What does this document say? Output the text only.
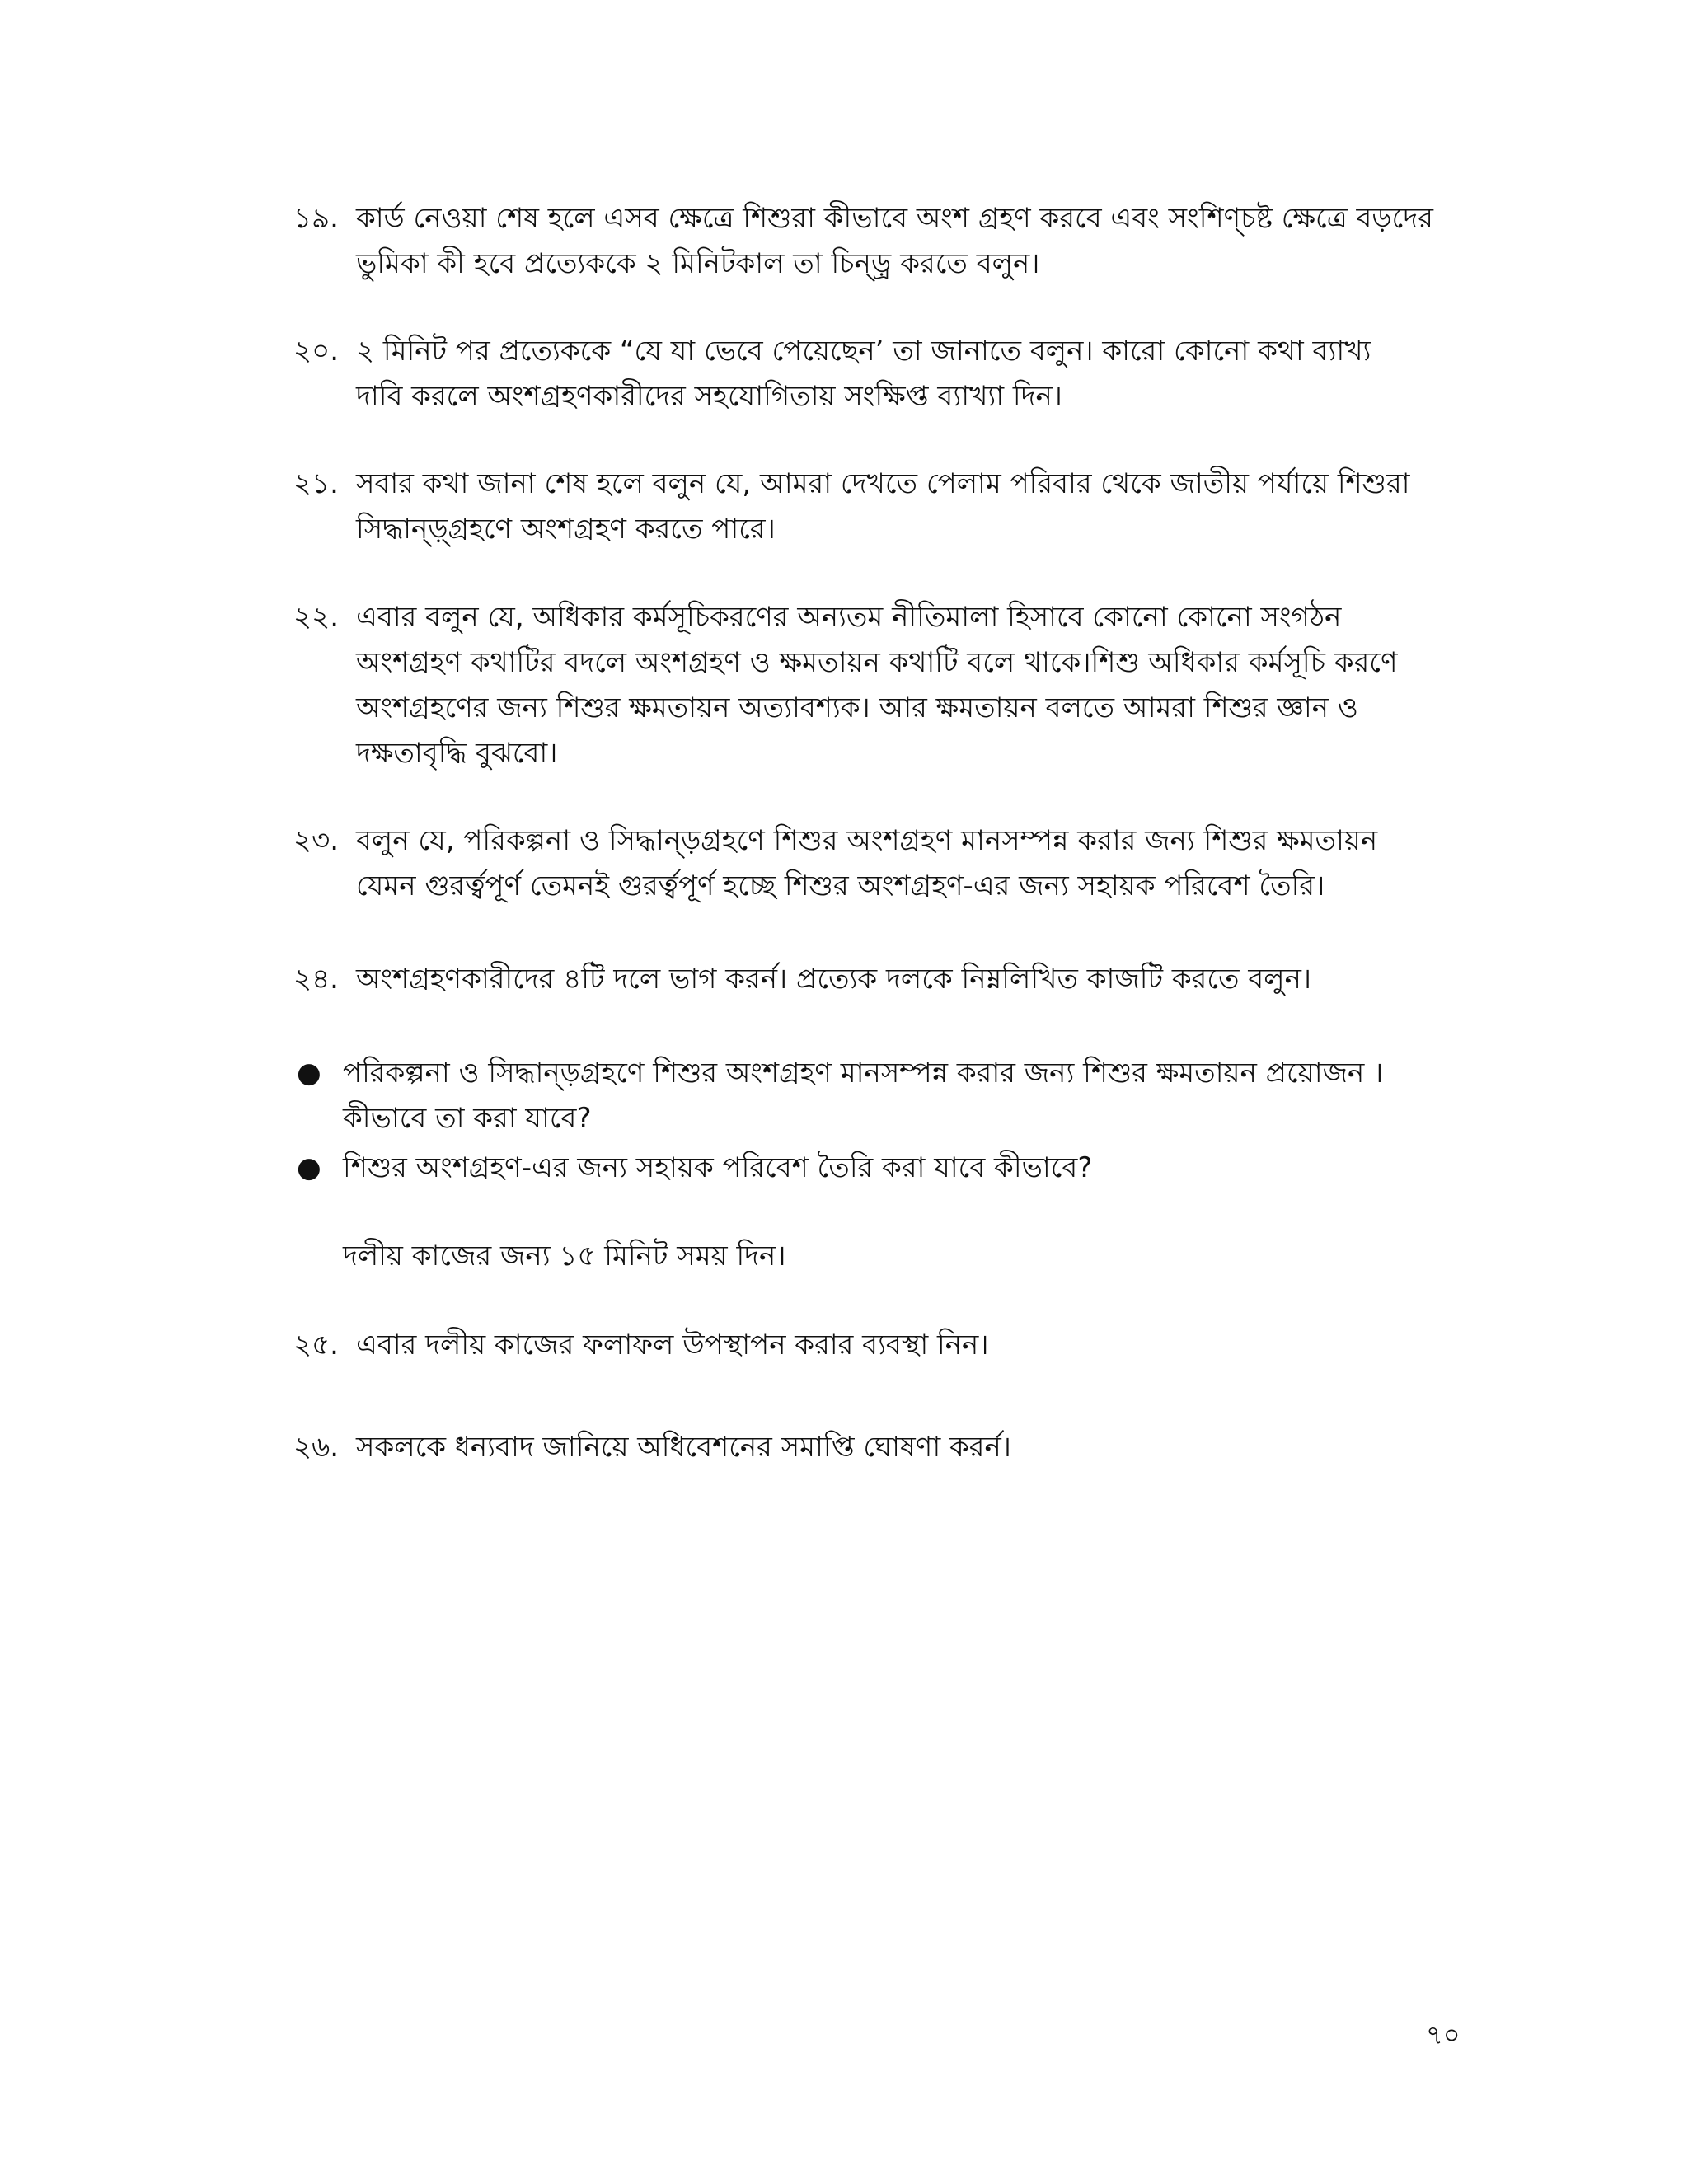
১৯. কার্ড নেওয়া শেষ হলে এসব ক্ষেত্রে শিশুরা কীভাবে অংশ গ্রহণ করবে এবং সংশিণ্চষ্ট ক্ষেত্রে বড়দের
ভুমিকা কী হবে প্রত্যেককে ২ মিনিটকাল তা চিন্ড়্র করতে বলুন।
২০. ২ মিনিট পর প্রত্যেককে “যে যা ভেবে পেয়েছেন’ তা জানাতে বলুন। কারো কোনো কথা ব্যাখ্য
দাবি করলে অংশগ্রহণকারীদের সহযোগিতায় সংক্ষিপ্ত ব্যাখ্যা দিন।
২১. সবার কথা জানা শেষ হলে বলুন যে, আমরা দেখতে পেলাম পরিবার থেকে জাতীয় পর্যায়ে শিশুরা
সিদ্ধান্ড়্গ্রহণে অংশগ্রহণ করতে পারে।
২২. এবার বলুন যে, অধিকার কর্মসূচিকরণের অন্যতম নীতিমালা হিসাবে কোনো কোনো সংগঠন
অংশগ্রহণ কথাটির বদলে অংশগ্রহণ ও ক্ষমতায়ন কথাটি বলে থাকে।শিশু অধিকার কর্মসূচি করণে
অংশগ্রহণের জন্য শিশুর ক্ষমতায়ন অত্যাবশ্যক। আর ক্ষমতায়ন বলতে আমরা শিশুর জ্ঞান ও
দক্ষতাবৃদ্ধি বুঝবো।
২৩. বলুন যে, পরিকল্পনা ও সিদ্ধান্ড়গ্রহণে শিশুর অংশগ্রহণ মানসম্পন্ন করার জন্য শিশুর ক্ষমতায়ন
যেমন গুরর্ত্বপূর্ণ তেমনই গুরর্ত্বপূর্ণ হচ্ছে শিশুর অংশগ্রহণ-এর জন্য সহায়ক পরিবেশ তৈরি।
২৪. অংশগ্রহণকারীদের ৪টি দলে ভাগ করর্ন। প্রত্যেক দলকে নিম্নলিখিত কাজটি করতে বলুন।
● পরিকল্পনা ও সিদ্ধান্ড়গ্রহণে শিশুর অংশগ্রহণ মানসম্পন্ন করার জন্য শিশুর ক্ষমতায়ন প্রয়োজন ।
কীভাবে তা করা যাবে?
● শিশুর অংশগ্রহণ-এর জন্য সহায়ক পরিবেশ তৈরি করা যাবে কীভাবে?
দলীয় কাজের জন্য ১৫ মিনিট সময় দিন।
২৫. এবার দলীয় কাজের ফলাফল উপস্থাপন করার ব্যবস্থা নিন।
২৬. সকলকে ধন্যবাদ জানিয়ে অধিবেশনের সমাপ্তি ঘোষণা করর্ন।
৭০
